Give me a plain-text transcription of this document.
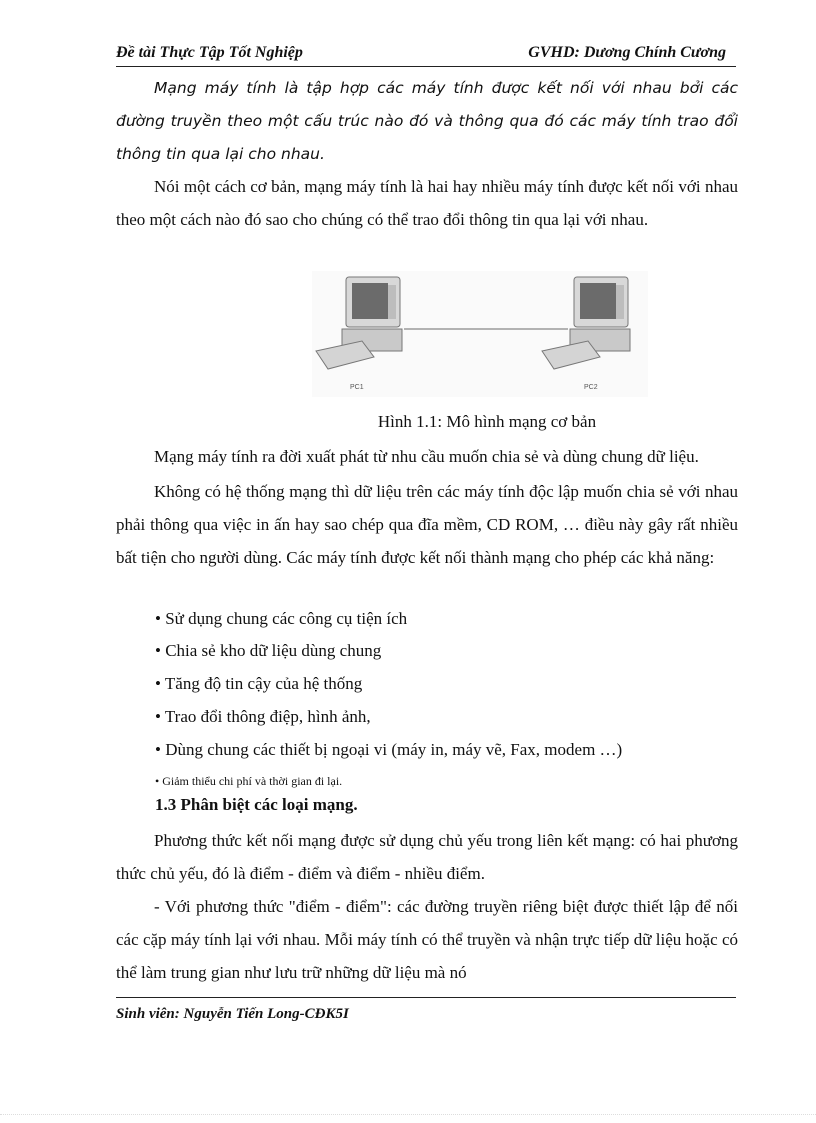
Đề tài Thực Tập Tốt Nghiệp	GVHD: Dương Chính Cương

Mạng máy tính là tập hợp các máy tính được kết nối với nhau bởi các đường truyền theo một cấu trúc nào đó và thông qua đó các máy tính trao đổi thông tin qua lại cho nhau.

Nói một cách cơ bản, mạng máy tính là hai hay nhiều máy tính được kết nối với nhau theo một cách nào đó sao cho chúng có thể trao đổi thông tin qua lại với nhau.

PC1	PC2
Hình 1.1: Mô hình mạng cơ bản

Mạng máy tính ra đời xuất phát từ nhu cầu muốn chia sẻ và dùng chung dữ liệu.

Không có hệ thống mạng thì dữ liệu trên các máy tính độc lập muốn chia sẻ với nhau phải thông qua việc in ấn hay sao chép qua đĩa mềm, CD ROM, … điều này gây rất nhiều bất tiện cho người dùng. Các máy tính được kết nối thành mạng cho phép các khả năng:

• Sử dụng chung các công cụ tiện ích

• Chia sẻ kho dữ liệu dùng chung

• Tăng độ tin cậy của hệ thống

• Trao đổi thông điệp, hình ảnh,

• Dùng chung các thiết bị ngoại vi (máy in, máy vẽ, Fax, modem …)

• Giảm thiểu chi phí và thời gian đi lại.

1.3 Phân biệt các loại mạng.

Phương thức kết nối mạng được sử dụng chủ yếu trong liên kết mạng: có hai phương thức chủ yếu, đó là điểm - điểm và điểm - nhiều điểm.

- Với phương thức "điểm - điểm": các đường truyền riêng biệt được thiết lập để nối các cặp máy tính lại với nhau. Mỗi máy tính có thể truyền và nhận trực tiếp dữ liệu hoặc có thể làm trung gian như lưu trữ những dữ liệu mà nó

Sinh viên: Nguyễn Tiến Long-CĐK5I
